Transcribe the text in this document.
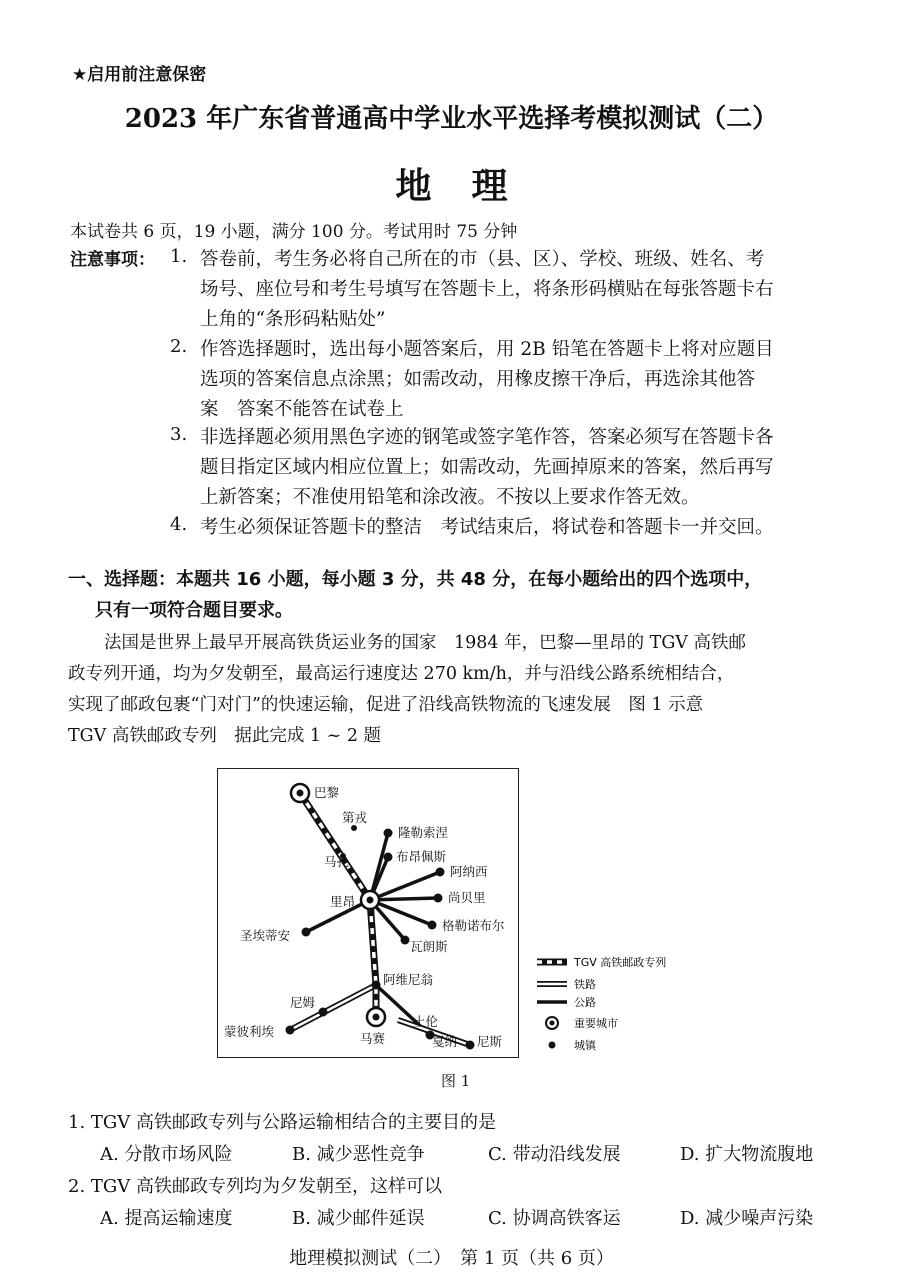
★启用前注意保密
2023 年广东省普通高中学业水平选择考模拟测试（二）
地理
本试卷共 6 页，19 小题，满分 100 分。考试用时 75 分钟
注意事项： 1. 答卷前，考生务必将自己所在的市（县、区）、学校、班级、姓名、考
场号、座位号和考生号填写在答题卡上，将条形码横贴在每张答题卡右
上角的“条形码粘贴处”
2. 作答选择题时，选出每小题答案后，用 2B 铅笔在答题卡上将对应题目
选项的答案信息点涂黑；如需改动，用橡皮擦干净后，再选涂其他答
案　答案不能答在试卷上
3. 非选择题必须用黑色字迹的钢笔或签字笔作答，答案必须写在答题卡各
题目指定区域内相应位置上；如需改动，先画掉原来的答案，然后再写
上新答案；不准使用铅笔和涂改液。不按以上要求作答无效。
4. 考生必须保证答题卡的整洁　考试结束后，将试卷和答题卡一并交回。
一、选择题：本题共 16 小题，每小题 3 分，共 48 分，在每小题给出的四个选项中，
只有一项符合题目要求。
法国是世界上最早开展高铁货运业务的国家　1984 年，巴黎—里昂的 TGV 高铁邮
政专列开通，均为夕发朝至，最高运行速度达 270 km/h，并与沿线公路系统相结合，
实现了邮政包裹“门对门”的快速运输，促进了沿线高铁物流的飞速发展　图 1 示意
TGV 高铁邮政专列　据此完成 1 ~ 2 题
巴黎
第戎
马孔
里昂
圣埃蒂安
隆勒索涅
布昂佩斯
阿纳西
尚贝里
格勒诺布尔
瓦朗斯
阿维尼翁
尼姆
蒙彼利埃	马赛
土伦
戛纳 尼斯
TGV 高铁邮政专列
铁路
公路
重要城市
城镇
图 1
1. TGV 高铁邮政专列与公路运输相结合的主要目的是
A. 分散市场风险	B. 减少恶性竞争	C. 带动沿线发展	D. 扩大物流腹地
2. TGV 高铁邮政专列均为夕发朝至，这样可以
A. 提高运输速度	B. 减少邮件延误	C. 协调高铁客运	D. 减少噪声污染
地理模拟测试（二）　第 1 页（共 6 页）
